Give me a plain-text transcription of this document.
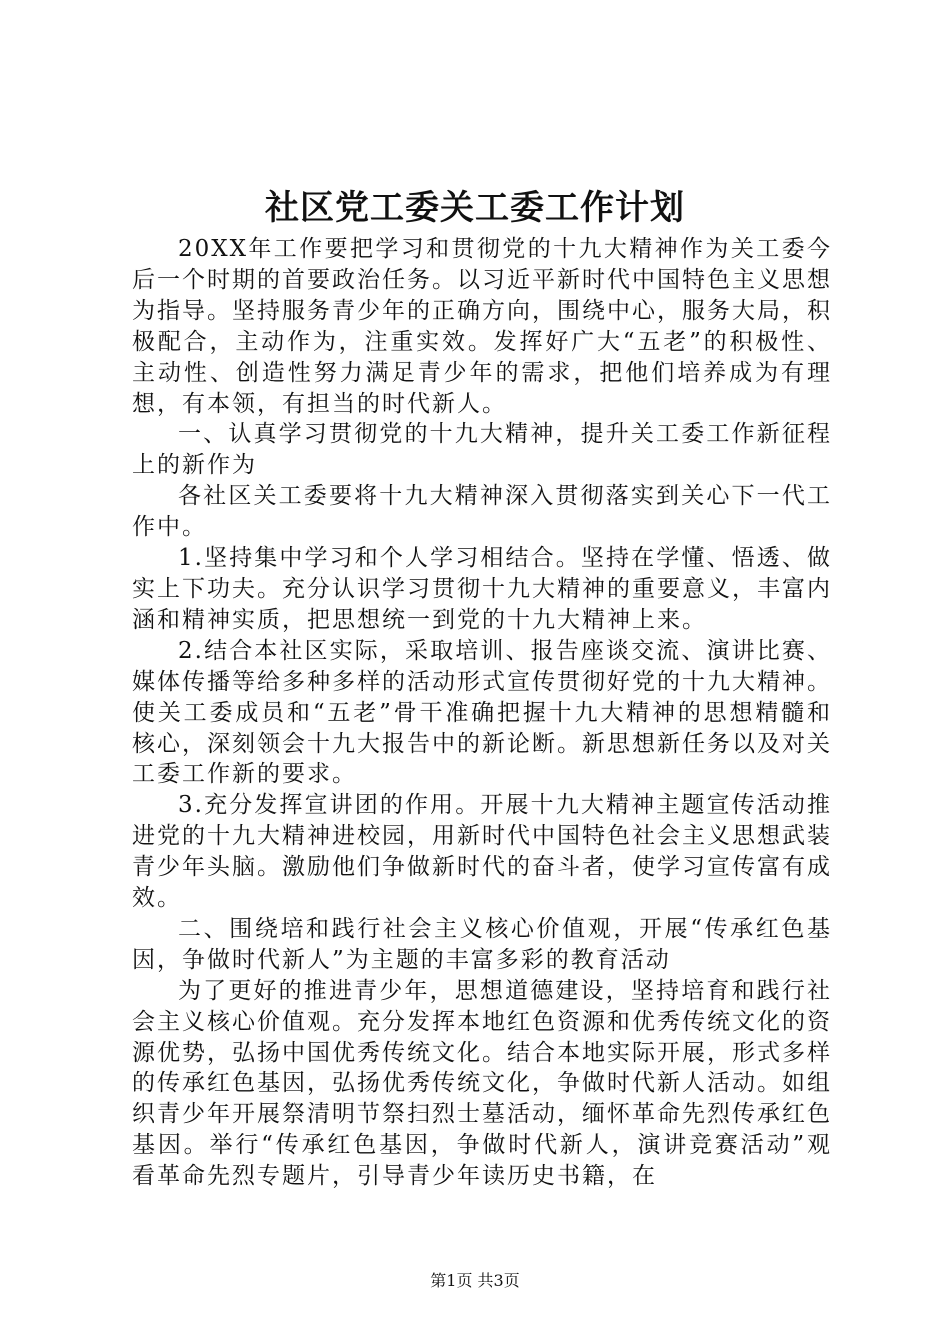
社区党工委关工委工作计划

20XX年工作要把学习和贯彻党的十九大精神作为关工委今后一个时期的首要政治任务。以习近平新时代中国特色主义思想为指导。坚持服务青少年的正确方向，围绕中心，服务大局，积极配合，主动作为，注重实效。发挥好广大“五老”的积极性、主动性、创造性努力满足青少年的需求，把他们培养成为有理想，有本领，有担当的时代新人。

一、认真学习贯彻党的十九大精神，提升关工委工作新征程上的新作为

各社区关工委要将十九大精神深入贯彻落实到关心下一代工作中。

1.坚持集中学习和个人学习相结合。坚持在学懂、悟透、做实上下功夫。充分认识学习贯彻十九大精神的重要意义，丰富内涵和精神实质，把思想统一到党的十九大精神上来。

2.结合本社区实际，采取培训、报告座谈交流、演讲比赛、媒体传播等给多种多样的活动形式宣传贯彻好党的十九大精神。使关工委成员和“五老”骨干准确把握十九大精神的思想精髓和核心，深刻领会十九大报告中的新论断。新思想新任务以及对关工委工作新的要求。

3.充分发挥宣讲团的作用。开展十九大精神主题宣传活动推进党的十九大精神进校园，用新时代中国特色社会主义思想武装青少年头脑。激励他们争做新时代的奋斗者，使学习宣传富有成效。

二、围绕培和践行社会主义核心价值观，开展“传承红色基因，争做时代新人”为主题的丰富多彩的教育活动

为了更好的推进青少年，思想道德建设，坚持培育和践行社会主义核心价值观。充分发挥本地红色资源和优秀传统文化的资源优势，弘扬中国优秀传统文化。结合本地实际开展，形式多样的传承红色基因，弘扬优秀传统文化，争做时代新人活动。如组织青少年开展祭清明节祭扫烈士墓活动，缅怀革命先烈传承红色基因。举行“传承红色基因，争做时代新人，演讲竞赛活动”观看革命先烈专题片，引导青少年读历史书籍，在

第1页 共3页
